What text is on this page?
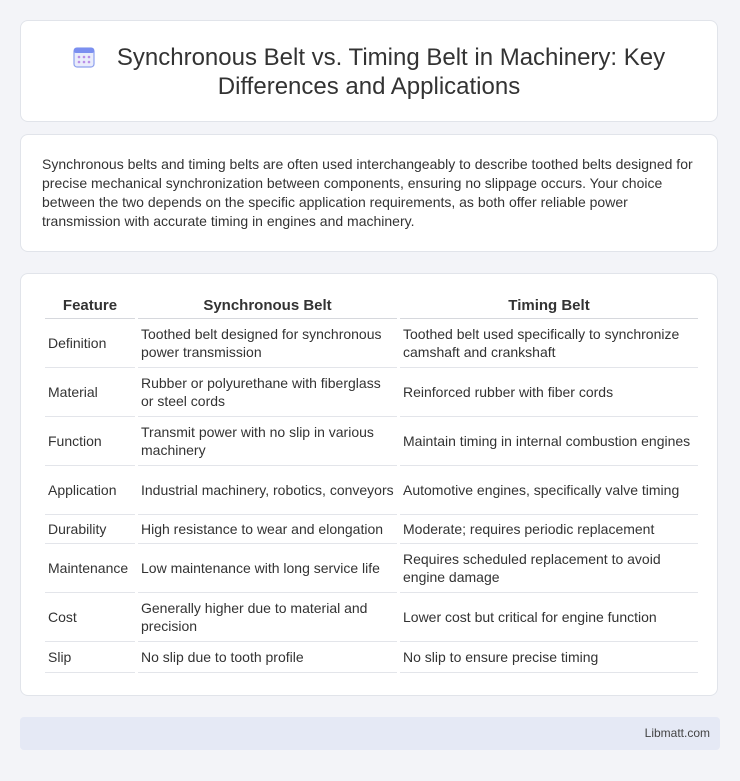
Synchronous Belt vs. Timing Belt in Machinery: Key Differences and Applications
Synchronous belts and timing belts are often used interchangeably to describe toothed belts designed for precise mechanical synchronization between components, ensuring no slippage occurs. Your choice between the two depends on the specific application requirements, as both offer reliable power transmission with accurate timing in engines and machinery.
Feature	Synchronous Belt	Timing Belt
Definition	Toothed belt designed for synchronous power transmission	Toothed belt used specifically to synchronize camshaft and crankshaft
Material	Rubber or polyurethane with fiberglass or steel cords	Reinforced rubber with fiber cords
Function	Transmit power with no slip in various machinery	Maintain timing in internal combustion engines
Application	Industrial machinery, robotics, conveyors	Automotive engines, specifically valve timing
Durability	High resistance to wear and elongation	Moderate; requires periodic replacement
Maintenance	Low maintenance with long service life	Requires scheduled replacement to avoid engine damage
Cost	Generally higher due to material and precision	Lower cost but critical for engine function
Slip	No slip due to tooth profile	No slip to ensure precise timing
Libmatt.com
